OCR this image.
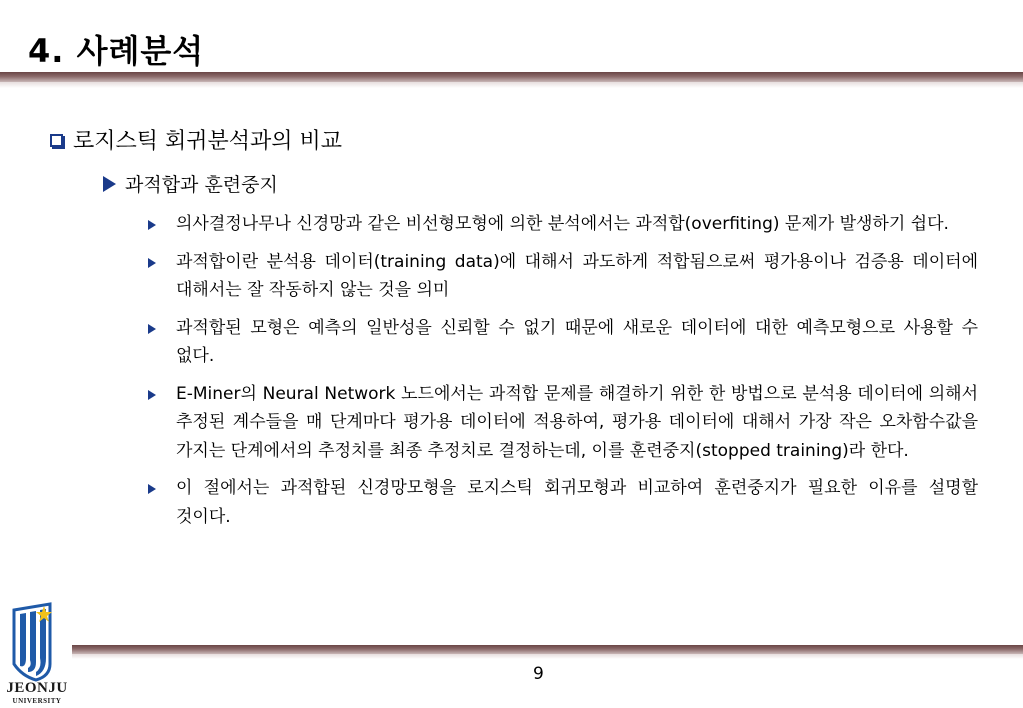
4. 사례분석
로지스틱 회귀분석과의 비교
과적합과 훈련중지
의사결정나무나 신경망과 같은 비선형모형에 의한 분석에서는 과적합(overfiting) 문제가 발생하기 쉽다.
과적합이란 분석용 데이터(training data)에 대해서 과도하게 적합됨으로써 평가용이나 검증용 데이터에 대해서는 잘 작동하지 않는 것을 의미
과적합된 모형은 예측의 일반성을 신뢰할 수 없기 때문에 새로운 데이터에 대한 예측모형으로 사용할 수 없다.
E-Miner의 Neural Network 노드에서는 과적합 문제를 해결하기 위한 한 방법으로 분석용 데이터에 의해서 추정된 계수들을 매 단계마다 평가용 데이터에 적용하여, 평가용 데이터에 대해서 가장 작은 오차함수값을 가지는 단계에서의 추정치를 최종 추정치로 결정하는데, 이를 훈련중지(stopped training)라 한다.
이 절에서는 과적합된 신경망모형을 로지스틱 회귀모형과 비교하여 훈련중지가 필요한 이유를 설명할 것이다.
9
JEONJU
UNIVERSITY
